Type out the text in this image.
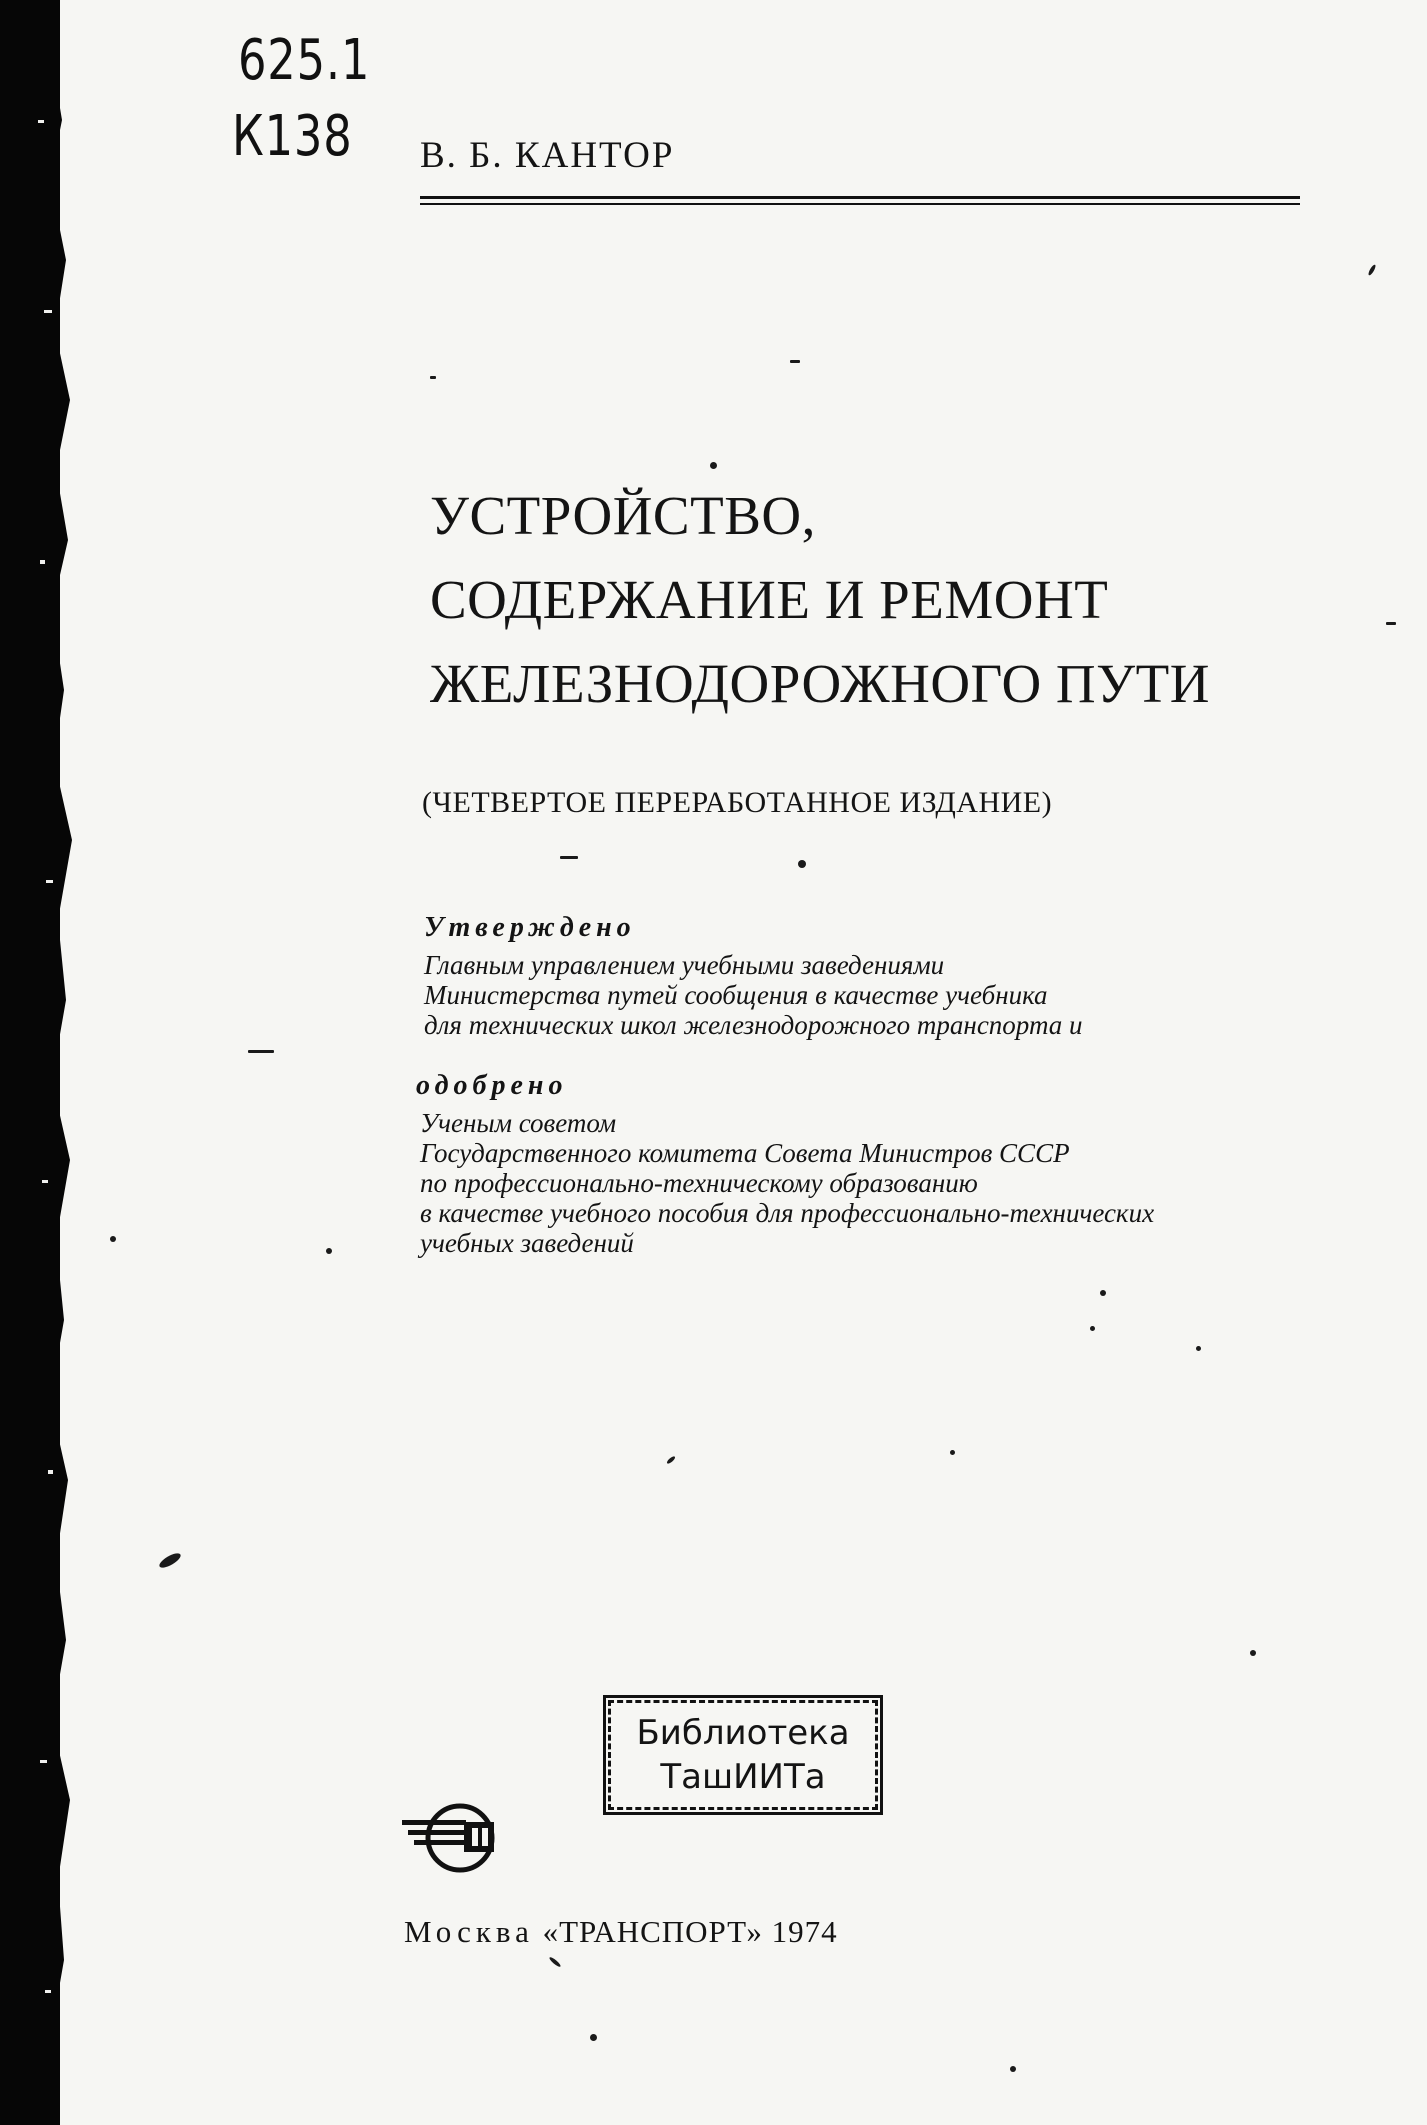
625.1
К138 В. Б. КАНТОР
УСТРОЙСТВО,
СОДЕРЖАНИЕ И РЕМОНТ
ЖЕЛЕЗНОДОРОЖНОГО ПУТИ
(ЧЕТВЕРТОЕ ПЕРЕРАБОТАННОЕ ИЗДАНИЕ)
Утверждено
Главным управлением учебными заведениями
Министерства путей сообщения в качестве учебника
для технических школ железнодорожного транспорта и
одобрено
Ученым советом
Государственного комитета Совета Министров СССР
по профессионально-техническому образованию
в качестве учебного пособия для профессионально-технических
учебных заведений
Библиотека
ТашИИТа
Москва «ТРАНСПОРТ» 1974
